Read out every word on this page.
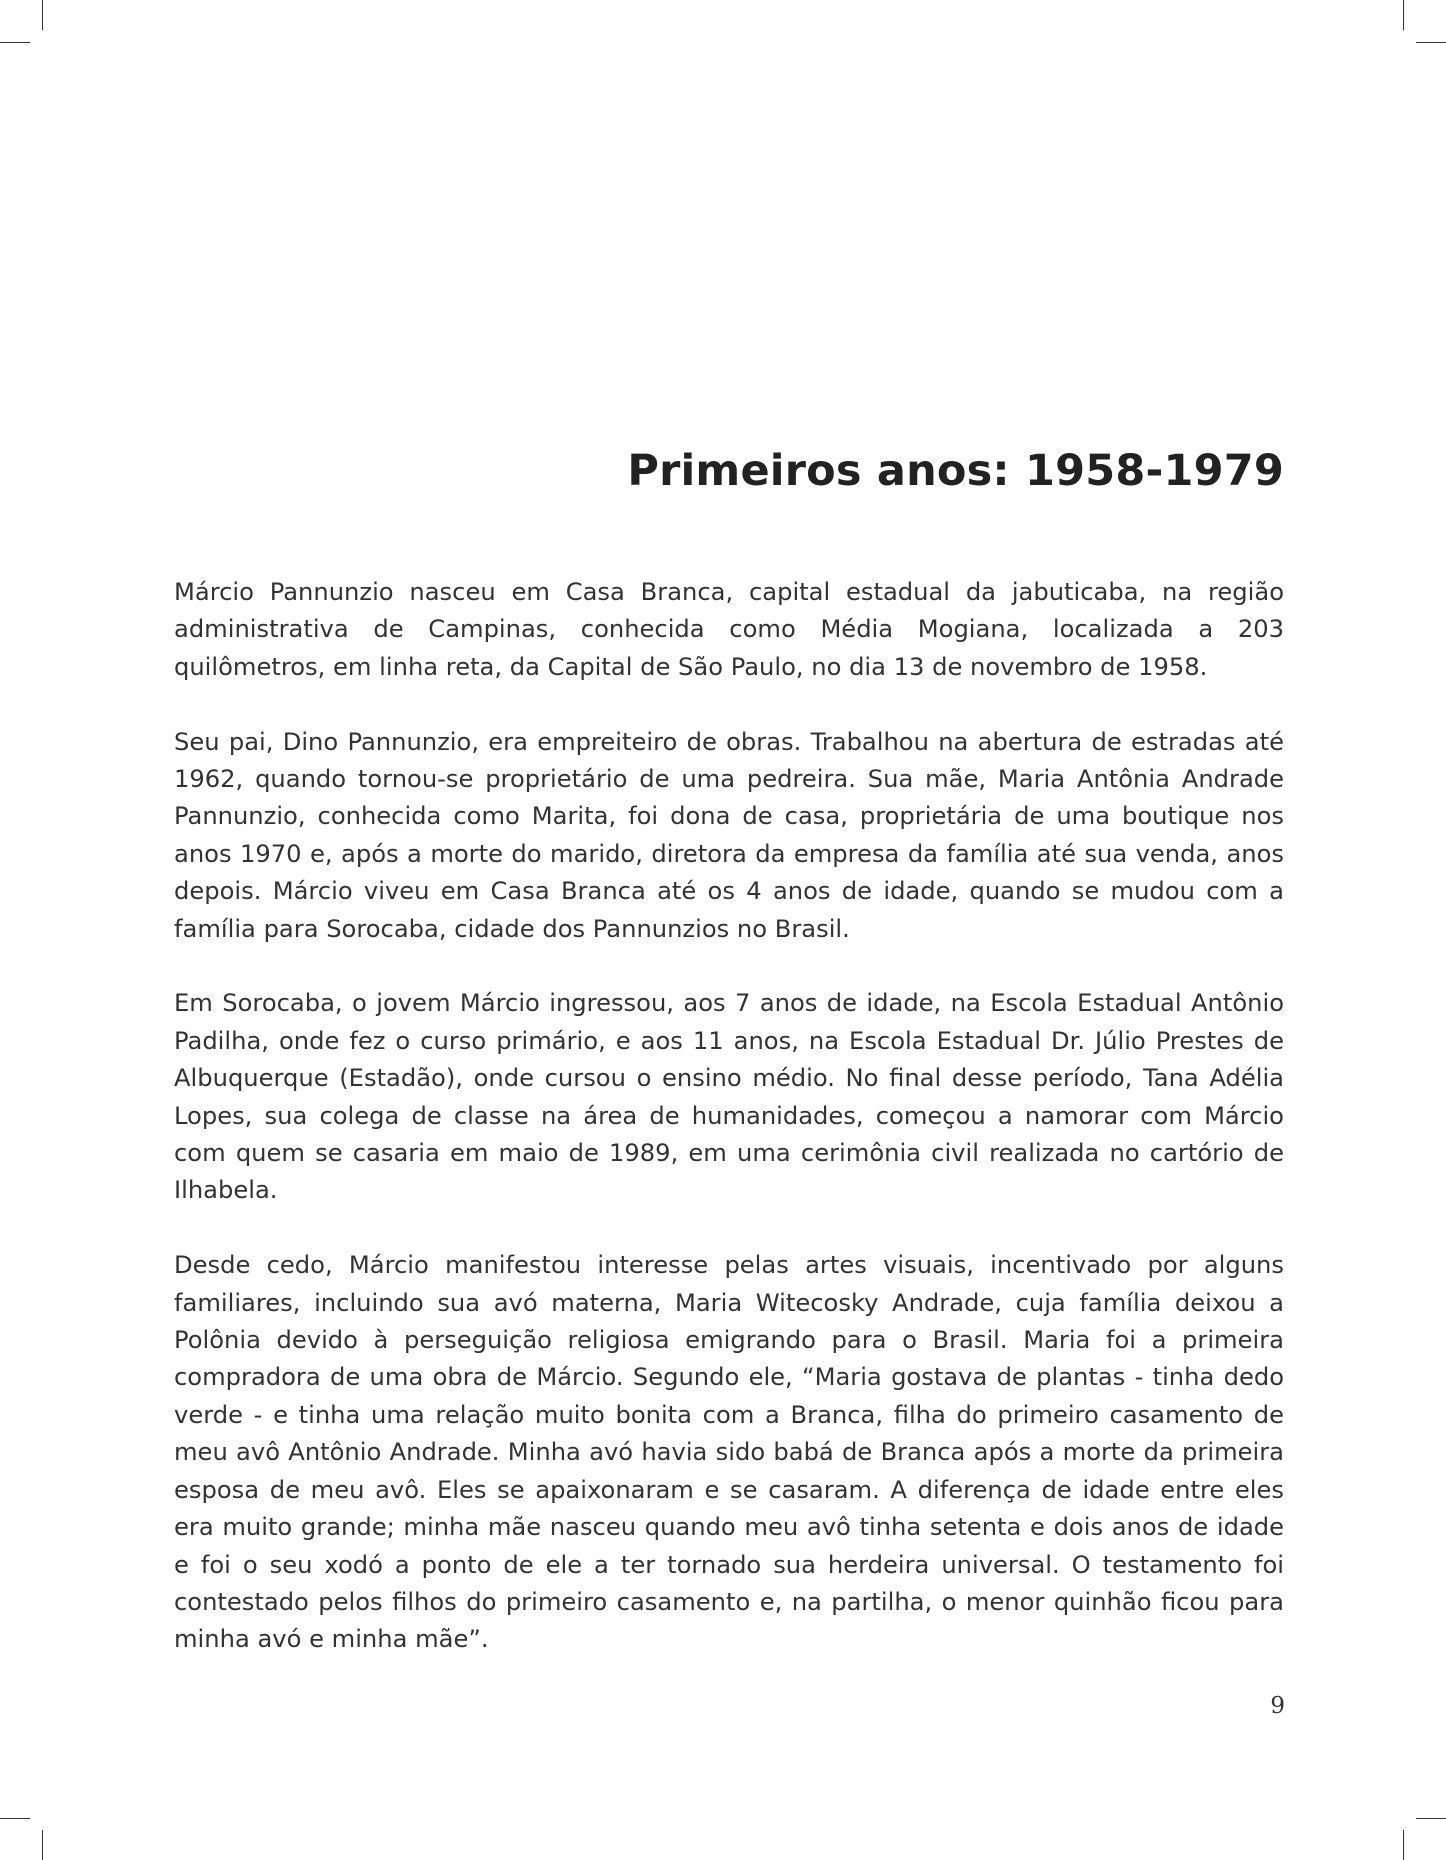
Primeiros anos: 1958-1979

Márcio Pannunzio nasceu em Casa Branca, capital estadual da jabuticaba, na região administrativa de Campinas, conhecida como Média Mogiana, localizada a 203 quilômetros, em linha reta, da Capital de São Paulo, no dia 13 de novembro de 1958.

Seu pai, Dino Pannunzio, era empreiteiro de obras. Trabalhou na abertura de estradas até 1962, quando tornou-se proprietário de uma pedreira. Sua mãe, Maria Antônia Andrade Pannunzio, conhecida como Marita, foi dona de casa, proprietária de uma boutique nos anos 1970 e, após a morte do marido, diretora da empresa da família até sua venda, anos depois. Márcio viveu em Casa Branca até os 4 anos de idade, quando se mudou com a família para Sorocaba, cidade dos Pannunzios no Brasil.

Em Sorocaba, o jovem Márcio ingressou, aos 7 anos de idade, na Escola Estadual Antônio Padilha, onde fez o curso primário, e aos 11 anos, na Escola Estadual Dr. Júlio Prestes de Albuquerque (Estadão), onde cursou o ensino médio. No final desse período, Tana Adélia Lopes, sua colega de classe na área de humanidades, começou a namorar com Márcio com quem se casaria em maio de 1989, em uma cerimônia civil realizada no cartório de Ilhabela.

Desde cedo, Márcio manifestou interesse pelas artes visuais, incentivado por alguns familiares, incluindo sua avó materna, Maria Witecosky Andrade, cuja família deixou a Polônia devido à perseguição religiosa emigrando para o Brasil. Maria foi a primeira compradora de uma obra de Márcio. Segundo ele, “Maria gostava de plantas - tinha dedo verde - e tinha uma relação muito bonita com a Branca, filha do primeiro casamento de meu avô Antônio Andrade. Minha avó havia sido babá de Branca após a morte da primeira esposa de meu avô. Eles se apaixonaram e se casaram. A diferença de idade entre eles era muito grande; minha mãe nasceu quando meu avô tinha setenta e dois anos de idade e foi o seu xodó a ponto de ele a ter tornado sua herdeira universal. O testamento foi contestado pelos filhos do primeiro casamento e, na partilha, o menor quinhão ficou para minha avó e minha mãe”.

9
